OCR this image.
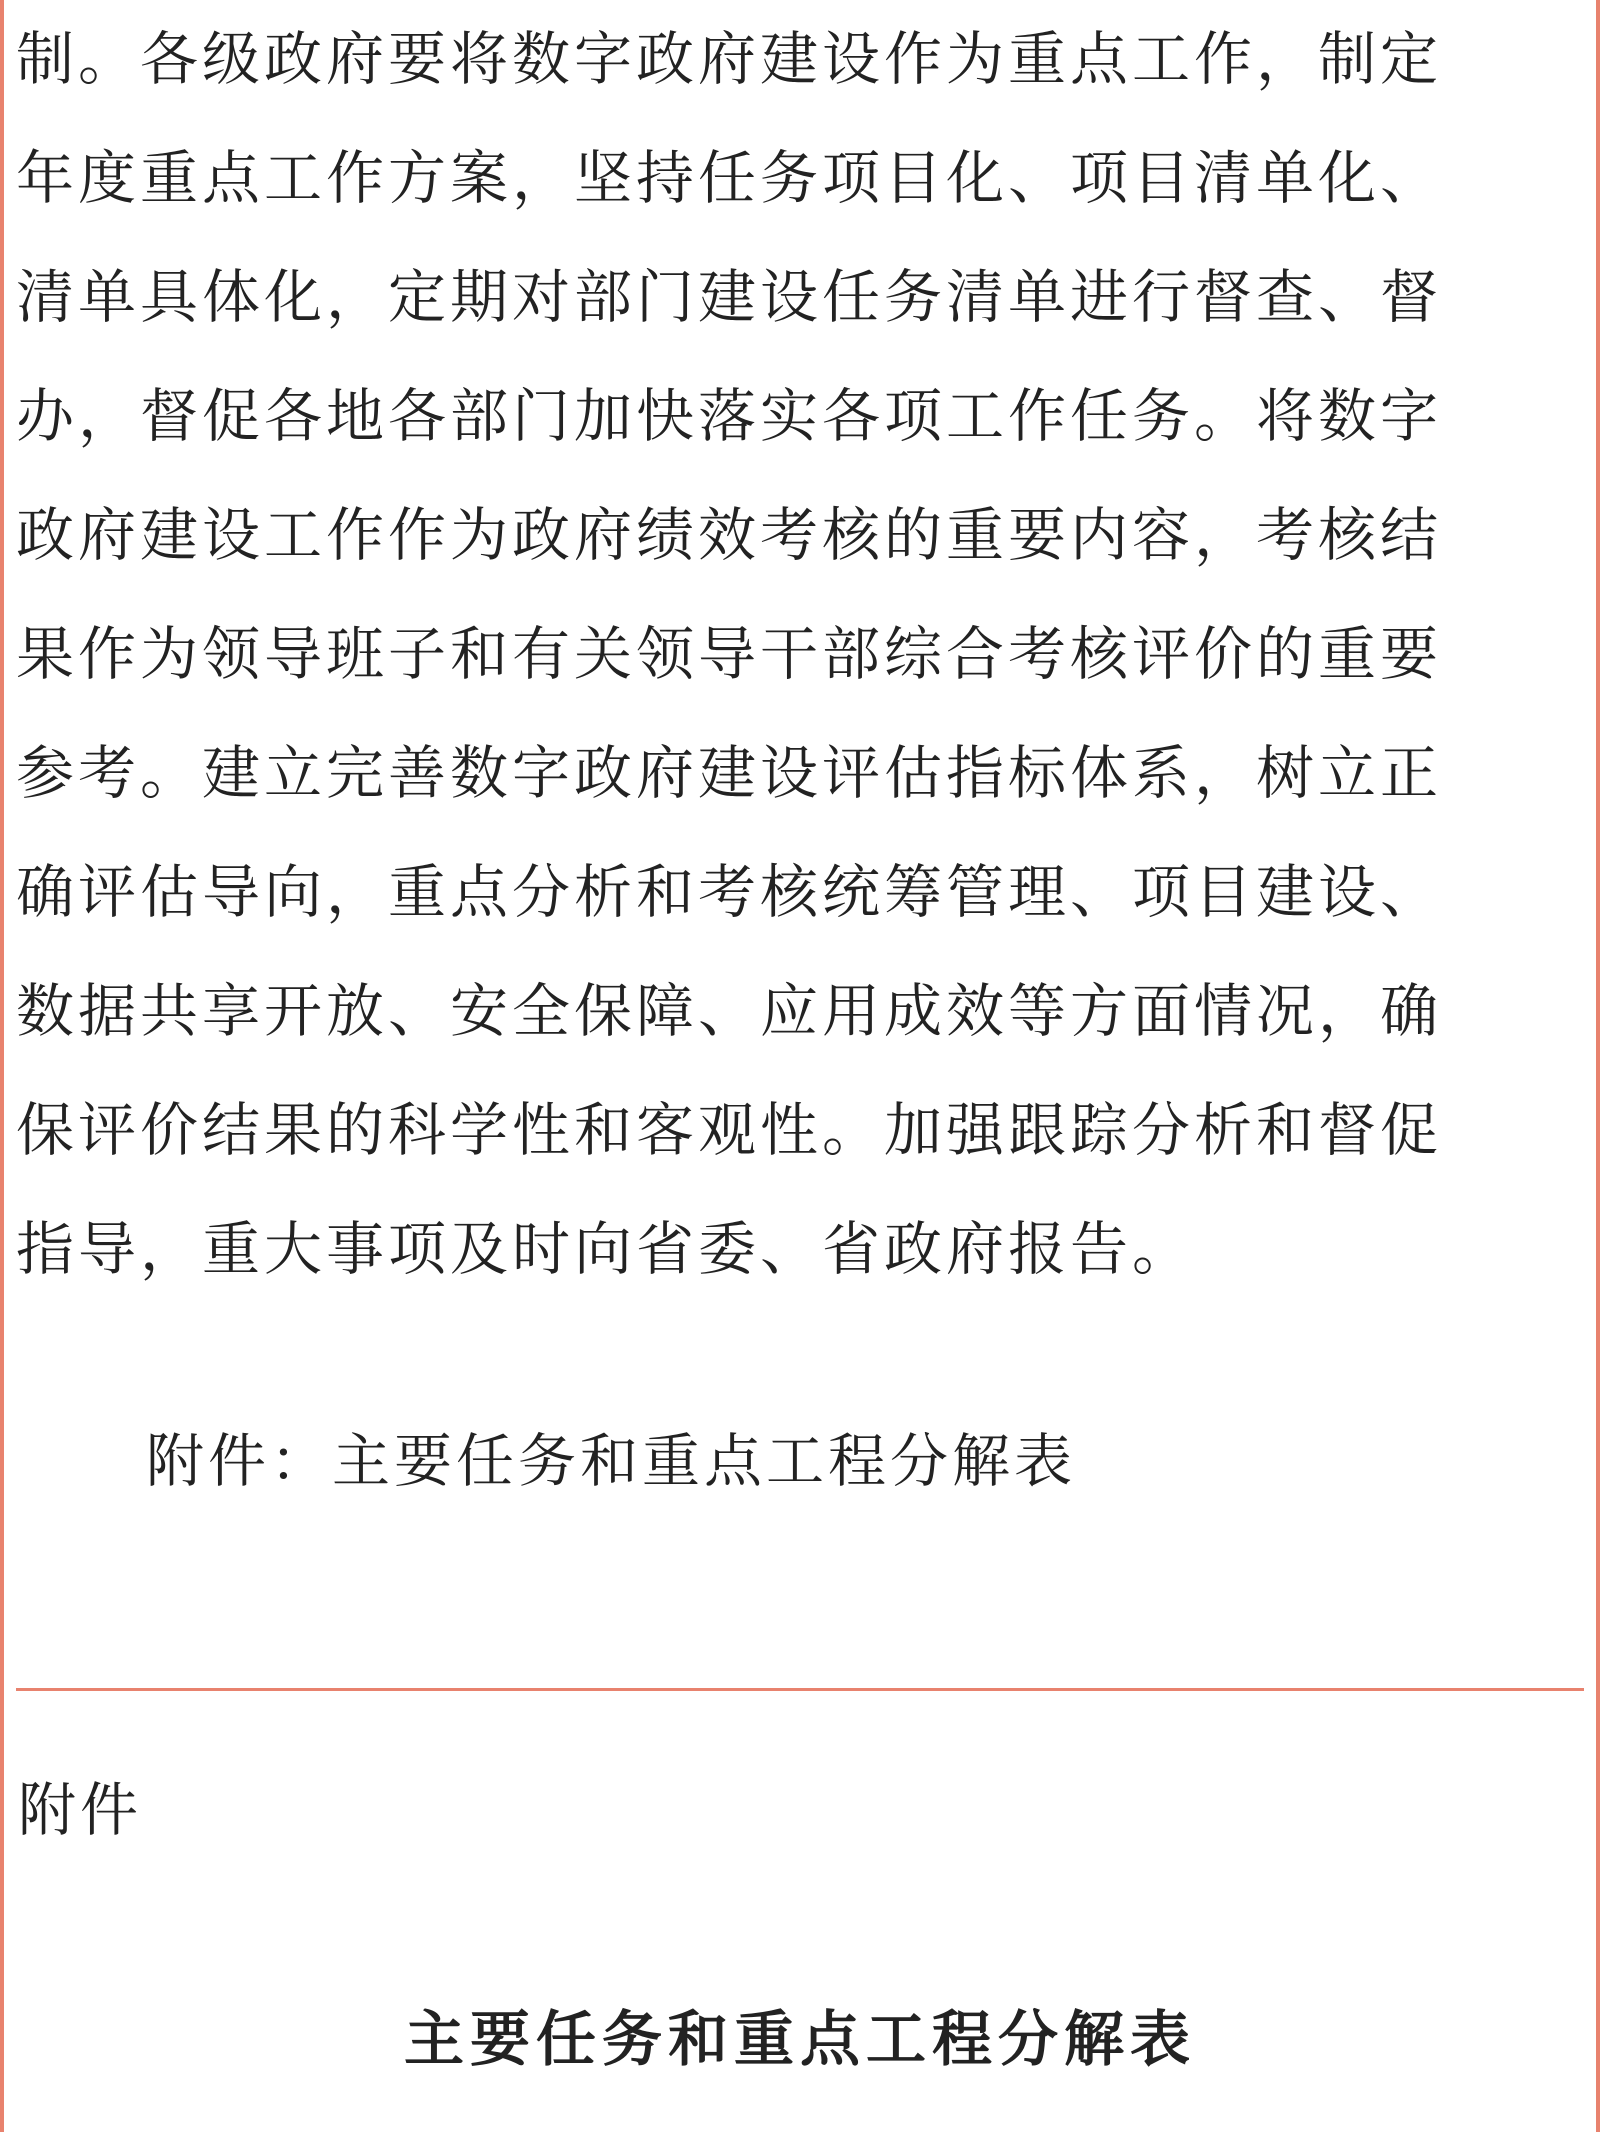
制。各级政府要将数字政府建设作为重点工作，制定
年度重点工作方案，坚持任务项目化、项目清单化、
清单具体化，定期对部门建设任务清单进行督查、督
办，督促各地各部门加快落实各项工作任务。将数字
政府建设工作作为政府绩效考核的重要内容，考核结
果作为领导班子和有关领导干部综合考核评价的重要
参考。建立完善数字政府建设评估指标体系，树立正
确评估导向，重点分析和考核统筹管理、项目建设、
数据共享开放、安全保障、应用成效等方面情况，确
保评价结果的科学性和客观性。加强跟踪分析和督促
指导，重大事项及时向省委、省政府报告。
附件：主要任务和重点工程分解表
附件
主要任务和重点工程分解表
